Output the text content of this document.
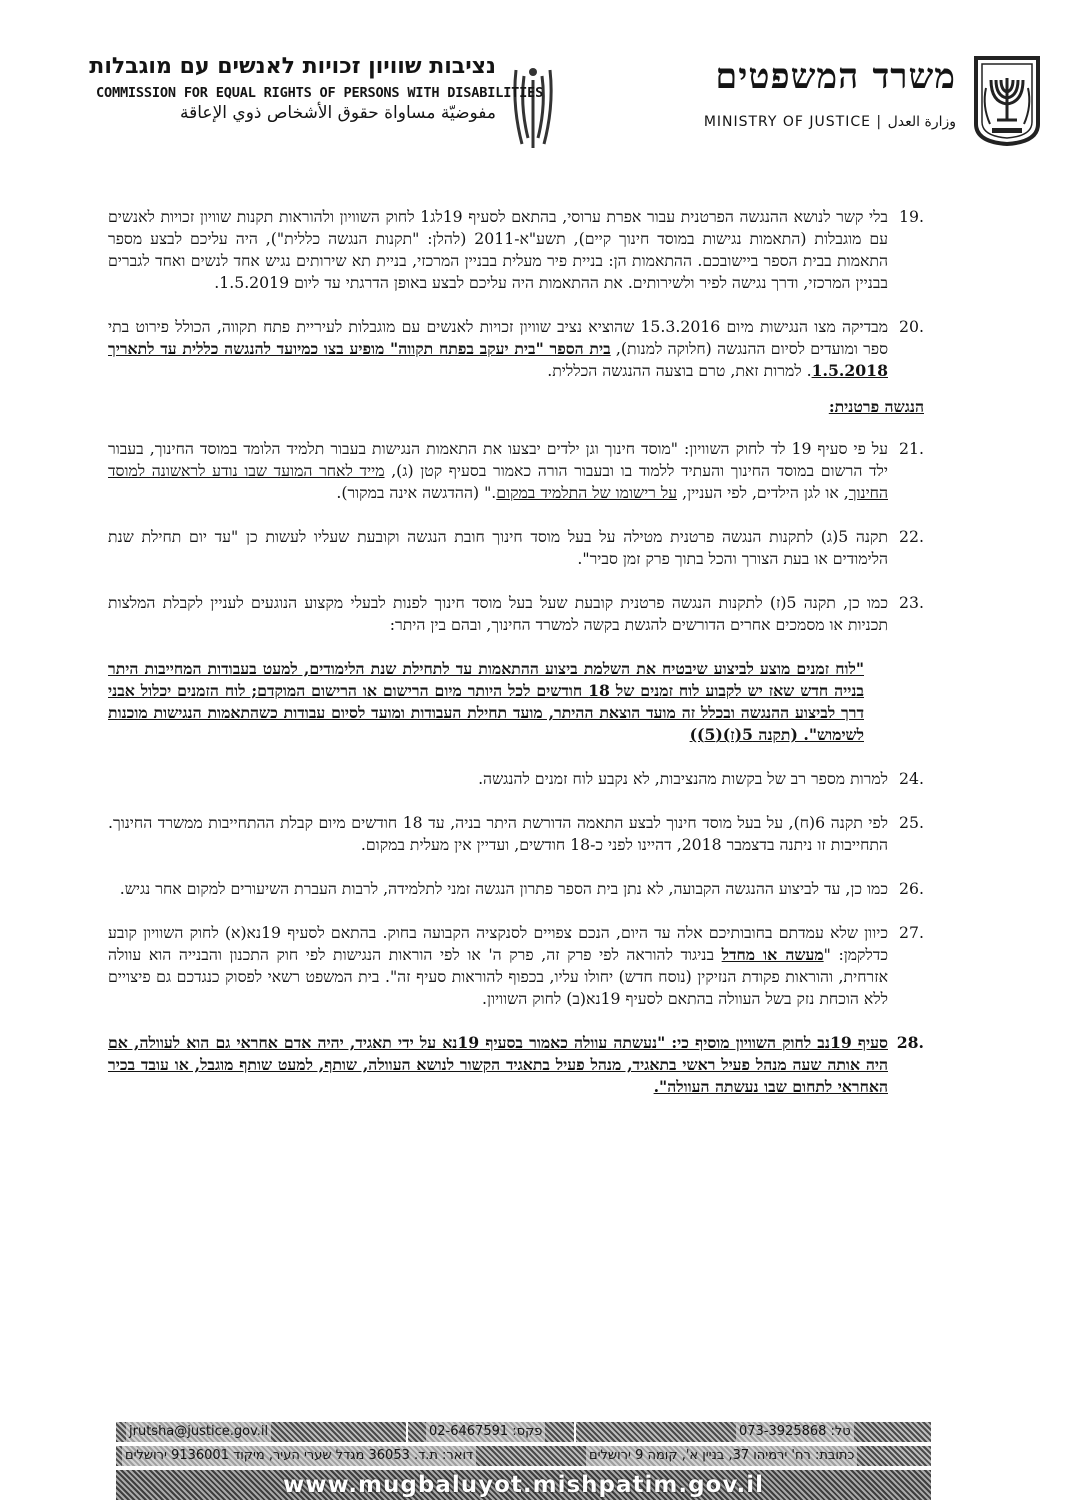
משרד המשפטים
MINISTRY OF JUSTICE | وزارة العدل
נציבות שוויון זכויות לאנשים עם מוגבלות
COMMISSION FOR EQUAL RIGHTS OF PERSONS WITH DISABILITIES
مفوضيّة مساواة حقوق الأشخاص ذوي الإعاقة
.19
בלי קשר לנושא ההנגשה הפרטנית עבור אפרת ערוסי, בהתאם לסעיף 19לג1 לחוק השוויון ולהוראות תקנות שוויון זכויות לאנשים עם מוגבלות (התאמות נגישות במוסד חינוך קיים), תשע"א-2011 (להלן: "תקנות הנגשה כללית"), היה עליכם לבצע מספר התאמות בבית הספר ביישובכם. ההתאמות הן: בניית פיר מעלית בבניין המרכזי, בניית תא שירותים נגיש אחד לנשים ואחד לגברים בבניין המרכזי, ודרך נגישה לפיר ולשירותים. את ההתאמות היה עליכם לבצע באופן הדרגתי עד ליום 1.5.2019.
.20
מבדיקה מצו הנגישות מיום 15.3.2016 שהוציא נציב שוויון זכויות לאנשים עם מוגבלות לעיריית פתח תקווה, הכולל פירוט בתי ספר ומועדים לסיום ההנגשה (חלוקה למנות), בית הספר "בית יעקב בפתח תקווה" מופיע בצו כמיועד להנגשה כללית עד לתאריך 1.5.2018. למרות זאת, טרם בוצעה ההנגשה הכללית.
הנגשה פרטנית:
.21
על פי סעיף 19 לד לחוק השוויון: "מוסד חינוך וגן ילדים יבצעו את התאמות הנגישות בעבור תלמיד הלומד במוסד החינוך, בעבור ילד הרשום במוסד החינוך והעתיד ללמוד בו ובעבור הורה כאמור בסעיף קטן (ג), מייד לאחר המועד שבו נודע לראשונה למוסד החינוך, או לגן הילדים, לפי העניין, על רישומו של התלמיד במקום." (ההדגשה אינה במקור).
.22
תקנה 5(ג) לתקנות הנגשה פרטנית מטילה על בעל מוסד חינוך חובת הנגשה וקובעת שעליו לעשות כן "עד יום תחילת שנת הלימודים או בעת הצורך והכל בתוך פרק זמן סביר".
.23
כמו כן, תקנה 5(ז) לתקנות הנגשה פרטנית קובעת שעל בעל מוסד חינוך לפנות לבעלי מקצוע הנוגעים לעניין לקבלת המלצות תכניות או מסמכים אחרים הדורשים להגשת בקשה למשרד החינוך, ובהם בין היתר:
"לוח זמנים מוצע לביצוע שיבטיח את השלמת ביצוע ההתאמות עד לתחילת שנת הלימודים, למעט בעבודות המחייבות היתר בנייה חדש שאז יש לקבוע לוח זמנים של 18 חודשים לכל היותר מיום הרישום או הרישום המוקדם; לוח הזמנים יכלול אבני דרך לביצוע ההנגשה ובכלל זה מועד הוצאת ההיתר, מועד תחילת העבודות ומועד לסיום עבודות כשהתאמות הנגישות מוכנות לשימוש". (תקנה 5(ז)(5))
.24
למרות מספר רב של בקשות מהנציבות, לא נקבע לוח זמנים להנגשה.
.25
לפי תקנה 6(ח), על בעל מוסד חינוך לבצע התאמה הדורשת היתר בניה, עד 18 חודשים מיום קבלת ההתחייבות ממשרד החינוך. התחייבות זו ניתנה בדצמבר 2018, דהיינו לפני כ-18 חודשים, ועדיין אין מעלית במקום.
.26
כמו כן, עד לביצוע ההנגשה הקבועה, לא נתן בית הספר פתרון הנגשה זמני לתלמידה, לרבות העברת השיעורים למקום אחר נגיש.
.27
כיוון שלא עמדתם בחובותיכם אלה עד היום, הנכם צפויים לסנקציה הקבועה בחוק. בהתאם לסעיף 19נא(א) לחוק השוויון קובע כדלקמן: "מעשה או מחדל בניגוד להוראה לפי פרק זה, פרק ה' או לפי הוראות הנגישות לפי חוק התכנון והבנייה הוא עוולה אזרחית, והוראות פקודת הנזיקין (נוסח חדש) יחולו עליו, בכפוף להוראות סעיף זה". בית המשפט רשאי לפסוק כנגדכם גם פיצויים ללא הוכחת נזק בשל העוולה בהתאם לסעיף 19נא(ב) לחוק השוויון.
.28
סעיף 19נב לחוק השוויון מוסיף כי: "נעשתה עוולה כאמור בסעיף 19נא על ידי תאגיד, יהיה אדם אחראי גם הוא לעוולה, אם היה אותה שעה מנהל פעיל ראשי בתאגיד, מנהל פעיל בתאגיד הקשור לנושא העוולה, שותף, למעט שותף מוגבל, או עובד בכיר האחראי לתחום שבו נעשתה העוולה".
jrutsha@justice.gov.il	פקס: 02-6467591	טל: 073-3925868
דואר: ת.ד. 36053 מגדל שערי העיר, מיקוד 9136001 ירושלים	כתובת: רח' ירמיהו 37, בניין א', קומה 9 ירושלים
www.mugbaluyot.mishpatim.gov.il
